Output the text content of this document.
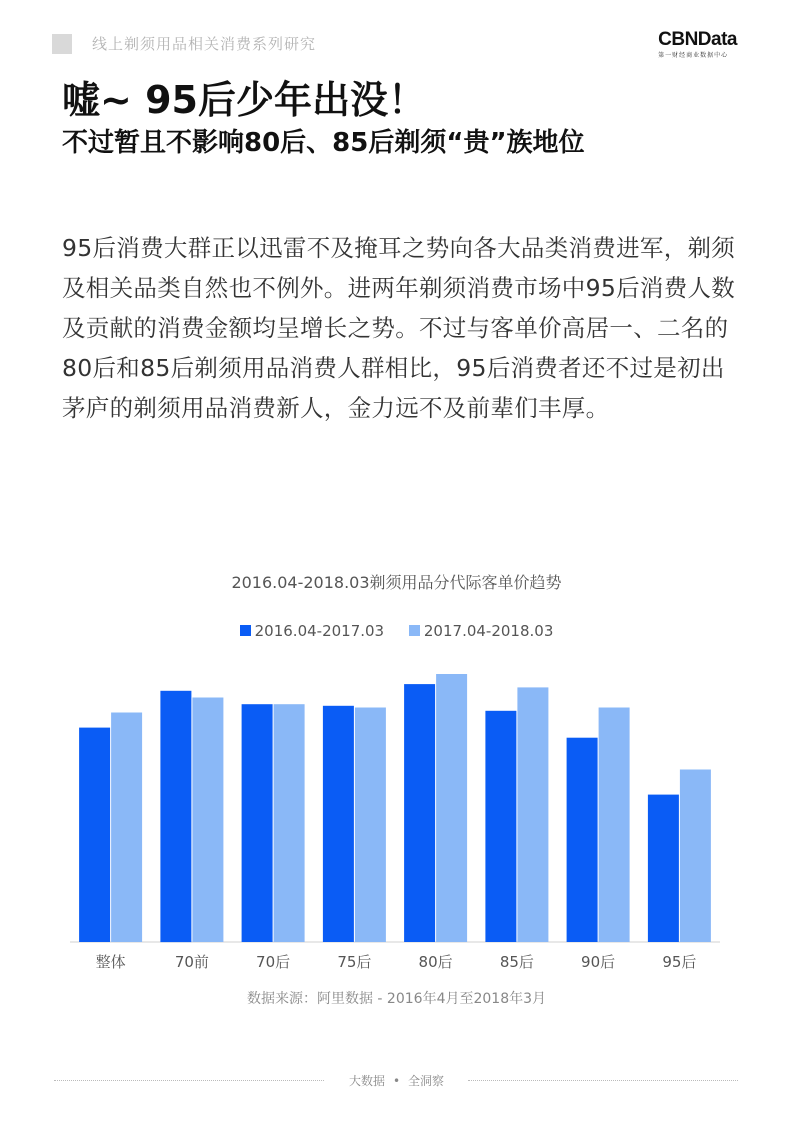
线上剃须用品相关消费系列研究	CBNData
第一财经商业数据中心
嘘~ 95后少年出没！
不过暂且不影响80后、85后剃须“贵”族地位

95后消费大群正以迅雷不及掩耳之势向各大品类消费进军，剃须及相关品类自然也不例外。进两年剃须消费市场中95后消费人数及贡献的消费金额均呈增长之势。不过与客单价高居一、二名的80后和85后剃须用品消费人群相比，95后消费者还不过是初出茅庐的剃须用品消费新人，金力远不及前辈们丰厚。

2016.04-2018.03剃须用品分代际客单价趋势
2016.04-2017.03	2017.04-2018.03
整体	70前	70后	75后	80后	85后	90后	95后
数据来源：阿里数据 - 2016年4月至2018年3月
大数据 • 全洞察
